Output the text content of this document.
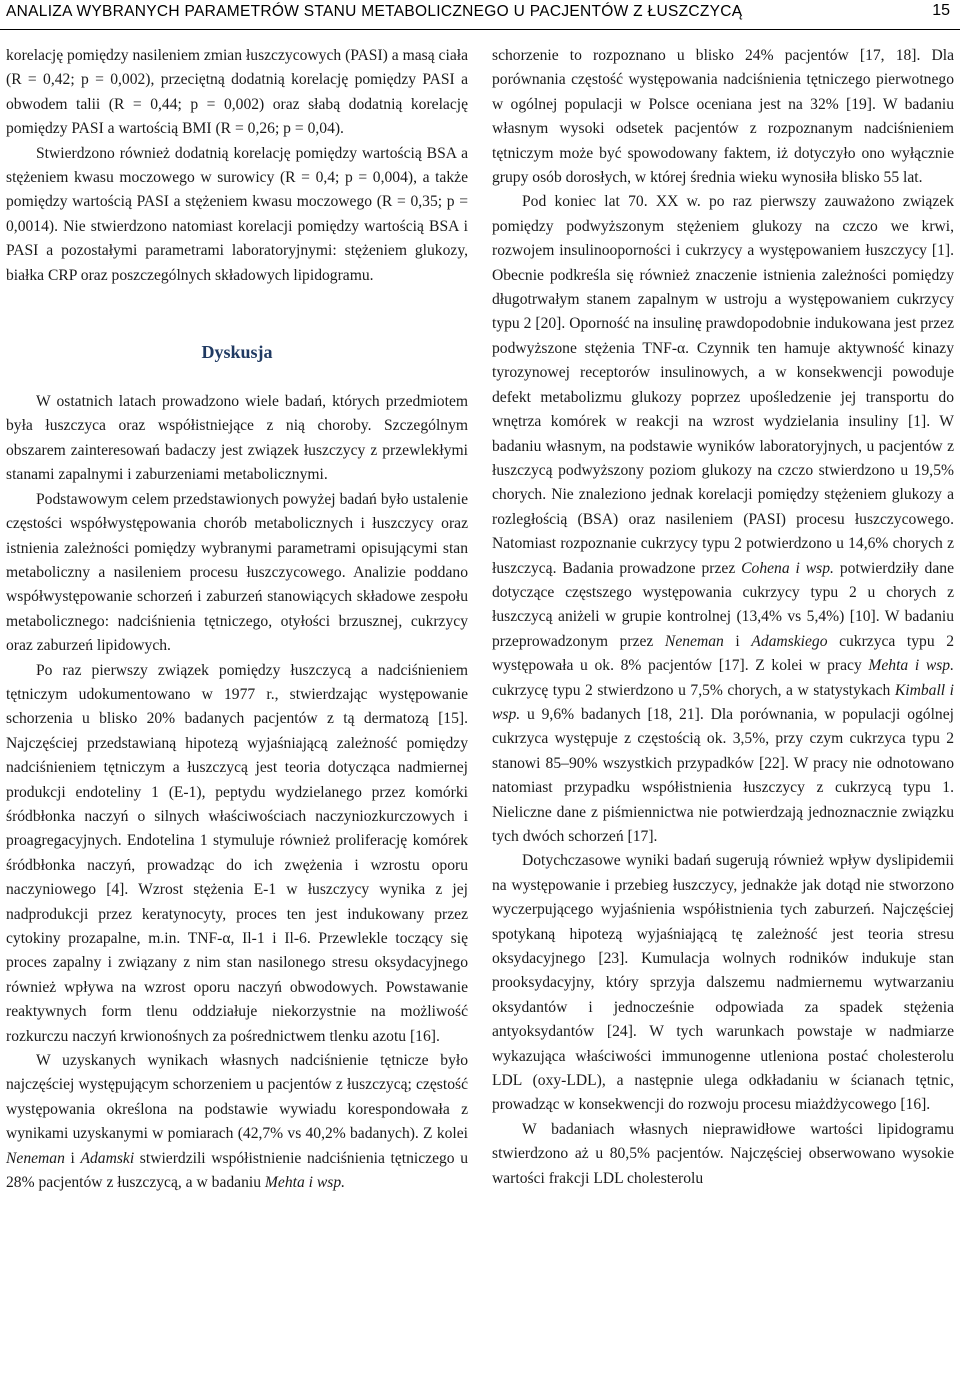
ANALIZA WYBRANYCH PARAMETRÓW STANU METABOLICZNEGO U PACJENTÓW Z ŁUSZCZYCĄ	15

korelację pomiędzy nasileniem zmian łuszczycowych (PASI) a masą ciała (R = 0,42; p = 0,002), przeciętną dodatnią korelację pomiędzy PASI a obwodem talii (R = 0,44; p = 0,002) oraz słabą dodatnią korelację pomiędzy PASI a wartością BMI (R = 0,26; p = 0,04).

Stwierdzono również dodatnią korelację pomiędzy wartością BSA a stężeniem kwasu moczowego w surowicy (R = 0,4; p = 0,004), a także pomiędzy wartością PASI a stężeniem kwasu moczowego (R = 0,35; p = 0,0014). Nie stwierdzono natomiast korelacji pomiędzy wartością BSA i PASI a pozostałymi parametrami laboratoryjnymi: stężeniem glukozy, białka CRP oraz poszczególnych składowych lipidogramu.

Dyskusja

W ostatnich latach prowadzono wiele badań, których przedmiotem była łuszczyca oraz współistniejące z nią choroby. Szczególnym obszarem zainteresowań badaczy jest związek łuszczycy z przewlekłymi stanami zapalnymi i zaburzeniami metabolicznymi.

Podstawowym celem przedstawionych powyżej badań było ustalenie częstości współwystępowania chorób metabolicznych i łuszczycy oraz istnienia zależności pomiędzy wybranymi parametrami opisującymi stan metaboliczny a nasileniem procesu łuszczycowego. Analizie poddano współwystępowanie schorzeń i zaburzeń stanowiących składowe zespołu metabolicznego: nadciśnienia tętniczego, otyłości brzusznej, cukrzycy oraz zaburzeń lipidowych.

Po raz pierwszy związek pomiędzy łuszczycą a nadciśnieniem tętniczym udokumentowano w 1977 r., stwierdzając występowanie schorzenia u blisko 20% badanych pacjentów z tą dermatozą [15]. Najczęściej przedstawianą hipotezą wyjaśniającą zależność pomiędzy nadciśnieniem tętniczym a łuszczycą jest teoria dotycząca nadmiernej produkcji endoteliny 1 (E-1), peptydu wydzielanego przez komórki śródbłonka naczyń o silnych właściwościach naczyniozkurczowych i proagregacyjnych. Endotelina 1 stymuluje również proliferację komórek śródbłonka naczyń, prowadząc do ich zwężenia i wzrostu oporu naczyniowego [4]. Wzrost stężenia E-1 w łuszczycy wynika z jej nadprodukcji przez keratynocyty, proces ten jest indukowany przez cytokiny prozapalne, m.in. TNF-α, Il-1 i Il-6. Przewlekle toczący się proces zapalny i związany z nim stan nasilonego stresu oksydacyjnego również wpływa na wzrost oporu naczyń obwodowych. Powstawanie reaktywnych form tlenu oddziałuje niekorzystnie na możliwość rozkurczu naczyń krwionośnych za pośrednictwem tlenku azotu [16].

W uzyskanych wynikach własnych nadciśnienie tętnicze było najczęściej występującym schorzeniem u pacjentów z łuszczycą; częstość występowania określona na podstawie wywiadu korespondowała z wynikami uzyskanymi w pomiarach (42,7% vs 40,2% badanych). Z kolei Neneman i Adamski stwierdzili współistnienie nadciśnienia tętniczego u 28% pacjentów z łuszczycą, a w badaniu Mehta i wsp.

schorzenie to rozpoznano u blisko 24% pacjentów [17, 18]. Dla porównania częstość występowania nadciśnienia tętniczego pierwotnego w ogólnej populacji w Polsce oceniana jest na 32% [19]. W badaniu własnym wysoki odsetek pacjentów z rozpoznanym nadciśnieniem tętniczym może być spowodowany faktem, iż dotyczyło ono wyłącznie grupy osób dorosłych, w której średnia wieku wynosiła blisko 55 lat.

Pod koniec lat 70. XX w. po raz pierwszy zauważono związek pomiędzy podwyższonym stężeniem glukozy na czczo we krwi, rozwojem insulinooporności i cukrzycy a występowaniem łuszczycy [1]. Obecnie podkreśla się również znaczenie istnienia zależności pomiędzy długotrwałym stanem zapalnym w ustroju a występowaniem cukrzycy typu 2 [20]. Oporność na insulinę prawdopodobnie indukowana jest przez podwyższone stężenia TNF-α. Czynnik ten hamuje aktywność kinazy tyrozynowej receptorów insulinowych, a w konsekwencji powoduje defekt metabolizmu glukozy poprzez upośledzenie jej transportu do wnętrza komórek w reakcji na wzrost wydzielania insuliny [1]. W badaniu własnym, na podstawie wyników laboratoryjnych, u pacjentów z łuszczycą podwyższony poziom glukozy na czczo stwierdzono u 19,5% chorych. Nie znaleziono jednak korelacji pomiędzy stężeniem glukozy a rozległością (BSA) oraz nasileniem (PASI) procesu łuszczycowego. Natomiast rozpoznanie cukrzycy typu 2 potwierdzono u 14,6% chorych z łuszczycą. Badania prowadzone przez Cohena i wsp. potwierdziły dane dotyczące częstszego występowania cukrzycy typu 2 u chorych z łuszczycą aniżeli w grupie kontrolnej (13,4% vs 5,4%) [10]. W badaniu przeprowadzonym przez Neneman i Adamskiego cukrzyca typu 2 występowała u ok. 8% pacjentów [17]. Z kolei w pracy Mehta i wsp. cukrzycę typu 2 stwierdzono u 7,5% chorych, a w statystykach Kimball i wsp. u 9,6% badanych [18, 21]. Dla porównania, w populacji ogólnej cukrzyca występuje z częstością ok. 3,5%, przy czym cukrzyca typu 2 stanowi 85–90% wszystkich przypadków [22]. W pracy nie odnotowano natomiast przypadku współistnienia łuszczycy z cukrzycą typu 1. Nieliczne dane z piśmiennictwa nie potwierdzają jednoznacznie związku tych dwóch schorzeń [17].

Dotychczasowe wyniki badań sugerują również wpływ dyslipidemii na występowanie i przebieg łuszczycy, jednakże jak dotąd nie stworzono wyczerpującego wyjaśnienia współistnienia tych zaburzeń. Najczęściej spotykaną hipotezą wyjaśniającą tę zależność jest teoria stresu oksydacyjnego [23]. Kumulacja wolnych rodników indukuje stan prooksydacyjny, który sprzyja dalszemu nadmiernemu wytwarzaniu oksydantów i jednocześnie odpowiada za spadek stężenia antyoksydantów [24]. W tych warunkach powstaje w nadmiarze wykazująca właściwości immunogenne utleniona postać cholesterolu LDL (oxy-LDL), a następnie ulega odkładaniu w ścianach tętnic, prowadząc w konsekwencji do rozwoju procesu miażdżycowego [16].

W badaniach własnych nieprawidłowe wartości lipidogramu stwierdzono aż u 80,5% pacjentów. Najczęściej obserwowano wysokie wartości frakcji LDL cholesterolu
